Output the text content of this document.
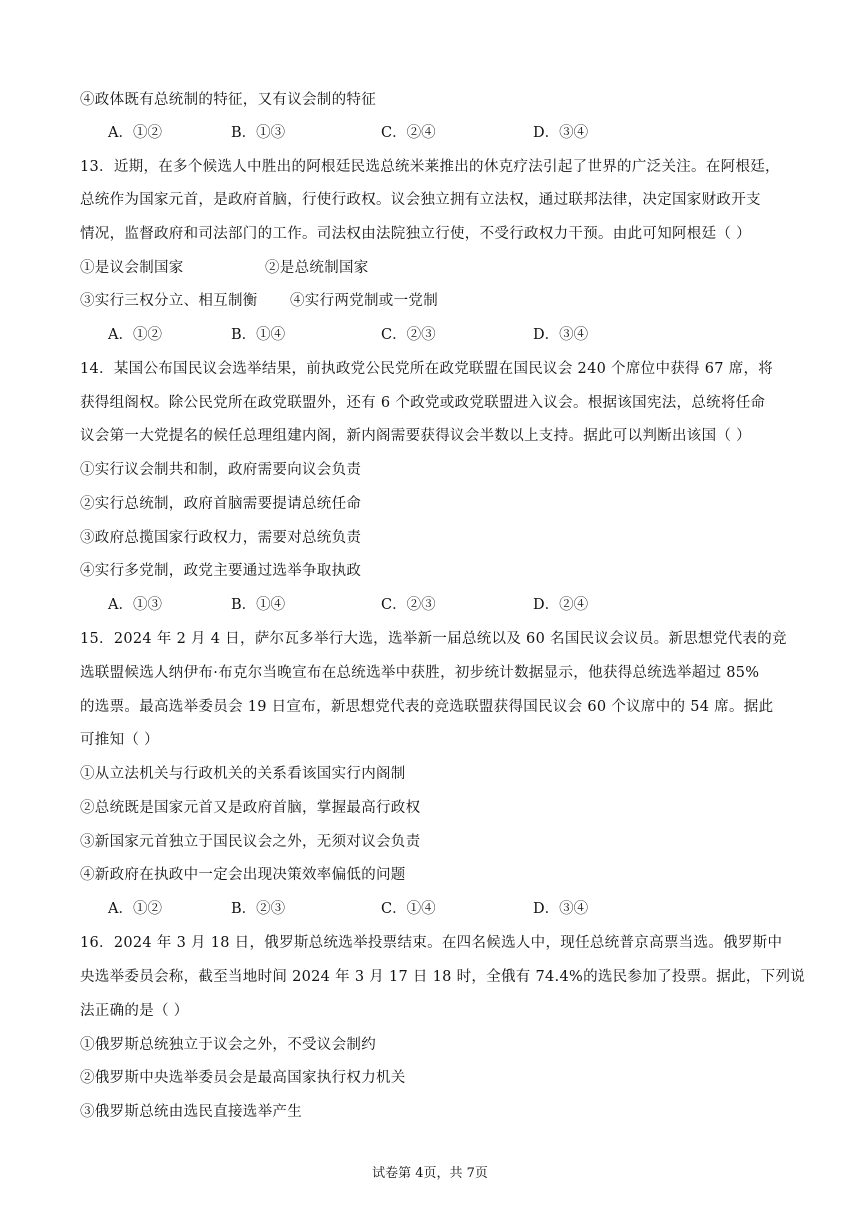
④政体既有总统制的特征，又有议会制的特征
A．①②	B．①③	C．②④	D．③④
13．近期，在多个候选人中胜出的阿根廷民选总统米莱推出的休克疗法引起了世界的广泛关注。在阿根廷，
总统作为国家元首，是政府首脑，行使行政权。议会独立拥有立法权，通过联邦法律，决定国家财政开支
情况，监督政府和司法部门的工作。司法权由法院独立行使，不受行政权力干预。由此可知阿根廷（ ）
①是议会制国家	②是总统制国家
③实行三权分立、相互制衡 ④实行两党制或一党制
A．①②	B．①④	C．②③	D．③④
14．某国公布国民议会选举结果，前执政党公民党所在政党联盟在国民议会 240 个席位中获得 67 席，将
获得组阁权。除公民党所在政党联盟外，还有 6 个政党或政党联盟进入议会。根据该国宪法，总统将任命
议会第一大党提名的候任总理组建内阁，新内阁需要获得议会半数以上支持。据此可以判断出该国（ ）
①实行议会制共和制，政府需要向议会负责
②实行总统制，政府首脑需要提请总统任命
③政府总揽国家行政权力，需要对总统负责
④实行多党制，政党主要通过选举争取执政
A．①③	B．①④	C．②③	D．②④
15．2024 年 2 月 4 日，萨尔瓦多举行大选，选举新一届总统以及 60 名国民议会议员。新思想党代表的竞
选联盟候选人纳伊布·布克尔当晚宣布在总统选举中获胜，初步统计数据显示，他获得总统选举超过 85%
的选票。最高选举委员会 19 日宣布，新思想党代表的竞选联盟获得国民议会 60 个议席中的 54 席。据此
可推知（ ）
①从立法机关与行政机关的关系看该国实行内阁制
②总统既是国家元首又是政府首脑，掌握最高行政权
③新国家元首独立于国民议会之外，无须对议会负责
④新政府在执政中一定会出现决策效率偏低的问题
A．①②	B．②③	C．①④	D．③④
16．2024 年 3 月 18 日，俄罗斯总统选举投票结束。在四名候选人中，现任总统普京高票当选。俄罗斯中
央选举委员会称，截至当地时间 2024 年 3 月 17 日 18 时，全俄有 74.4%的选民参加了投票。据此，下列说
法正确的是（ ）
①俄罗斯总统独立于议会之外，不受议会制约
②俄罗斯中央选举委员会是最高国家执行权力机关
③俄罗斯总统由选民直接选举产生
试卷第 4页，共 7页
